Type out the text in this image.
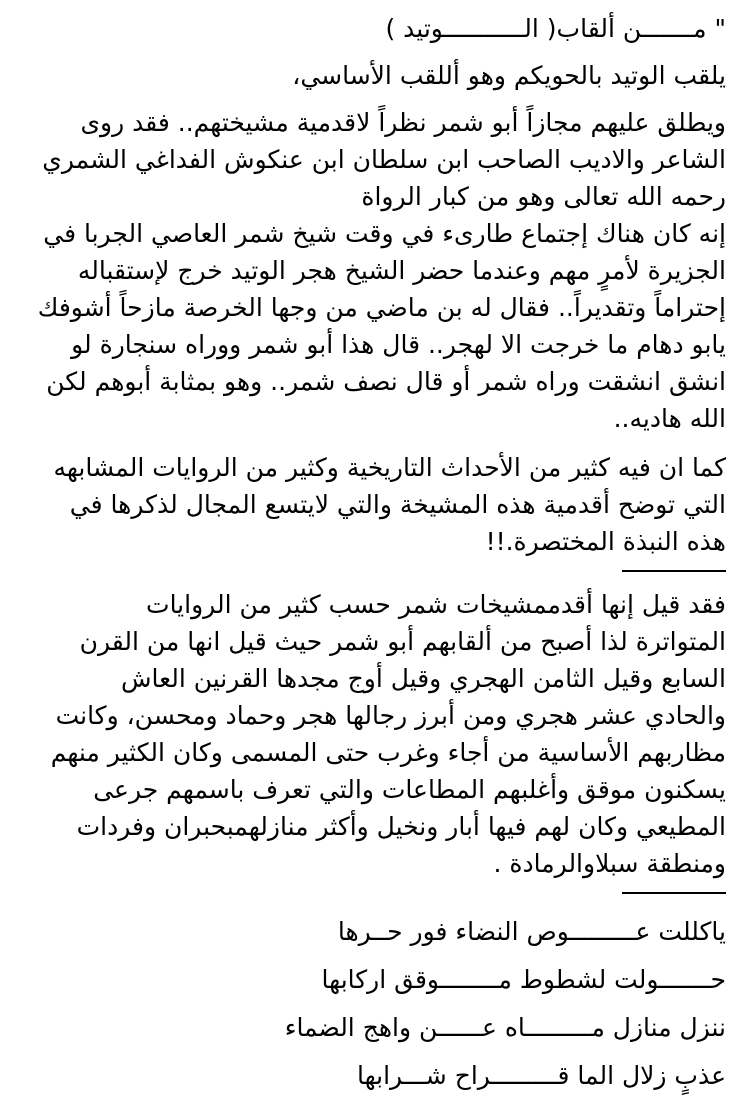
" مـــــــن ألقاب( الـــــــــــوتيد )

يلقب الوتيد بالحويكم وهو أللقب الأساسي،

ويطلق عليهم مجازاً أبو شمر نظراً لاقدمية مشيختهم.. فقد روى

الشاعر والاديب الصاحب ابن سلطان ابن عنكوش الفداغي الشمري

رحمه الله تعالى وهو من كبار الرواة

إنه كان هناك إجتماع طارىء في وقت شيخ شمر العاصي الجربا في

الجزيرة لأمرٍ مهم وعندما حضر الشيخ هجر الوتيد خرج لإستقباله

إحتراماً وتقديراً.. فقال له بن ماضي من وجها الخرصة مازحاً أشوفك

يابو دهام ما خرجت الا لهجر.. قال هذا أبو شمر ووراه سنجارة لو

انشق انشقت وراه شمر أو قال نصف شمر.. وهو بمثابة أبوهم لكن

الله هاديه..

كما ان فيه كثير من الأحداث التاريخية وكثير من الروايات المشابهه

التي توضح أقدمية هذه المشيخة والتي لايتسع المجال لذكرها في

هذه النبذة المختصرة.!!

فقد قيل إنها أقدممشيخات شمر حسب كثير من الروايات

المتواترة لذا أصبح من ألقابهم أبو شمر حيث قيل انها من القرن

السابع وقيل الثامن الهجري وقيل أوج مجدها القرنين العاش

والحادي عشر هجري ومن أبرز رجالها هجر وحماد ومحسن، وكانت

مظاربهم الأساسية من أجاء وغرب حتى المسمى وكان الكثير منهم

يسكنون موقق وأغلبهم المطاعات والتي تعرف باسمهم جرعى

المطيعي وكان لهم فيها أبار ونخيل وأكثر منازلهمبحبران وفردات

ومنطقة سبلاوالرمادة .

ياكللت عـــــــــوص النضاء فور حــرها

حـــــــولت لشطوط مــــــــوقق اركابها

ننزل منازل مـــــــــاه عــــــن واهج الضماء

عذبٍ زلال الما قـــــــــراح شـــرابها
